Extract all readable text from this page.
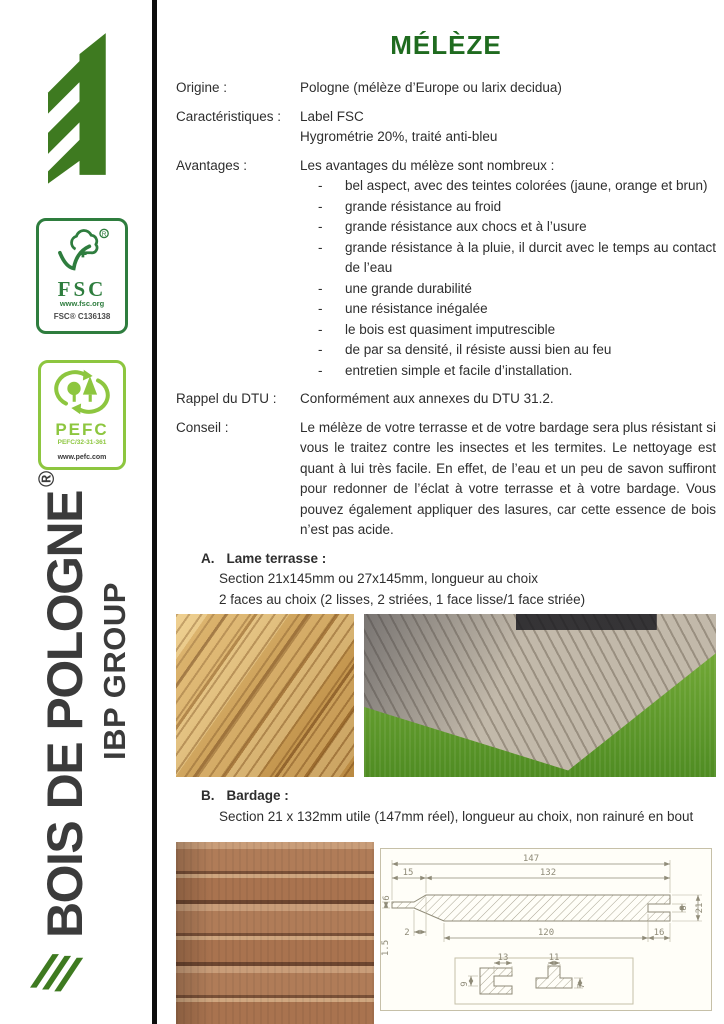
R
FSC
www.fsc.org
FSC® C136138
PEFC
PEFC/32-31-361
www.pefc.com
BOIS DE POLOGNE®
IBP GROUP
MÉLÈZE
Origine :	Pologne (mélèze d’Europe ou larix decidua)
Caractéristiques :	Label FSC
Hygrométrie 20%, traité anti-bleu
Avantages :	Les avantages du mélèze sont nombreux :
-	bel aspect, avec des teintes colorées (jaune, orange et brun)
-	grande résistance au froid
-	grande résistance aux chocs et à l’usure
-	grande résistance à la pluie, il durcit avec le temps au contact de l’eau
-	une grande durabilité
-	une résistance inégalée
-	le bois est quasiment imputrescible
-	de par sa densité, il résiste aussi bien au feu
-	entretien simple et facile d’installation.
Rappel du DTU :	Conformément aux annexes du DTU 31.2.
Conseil :	Le mélèze de votre terrasse et de votre bardage sera plus résistant si vous le traitez contre les insectes et les termites. Le nettoyage est quant à lui très facile. En effet, de l’eau et un peu de savon suffiront pour redonner de l’éclat à votre terrasse et à votre bardage. Vous pouvez également appliquer des lasures, car cette essence de bois n’est pas acide.
A. Lame terrasse :
Section 21x145mm ou 27x145mm, longueur au choix
2 faces au choix (2 lisses, 2 striées, 1 face lisse/1 face striée)
B. Bardage :
Section 21 x 132mm utile (147mm réel), longueur au choix, non rainuré en bout
147
15	132
120	16
6
2
1.5
8 21
13	11
9	7
